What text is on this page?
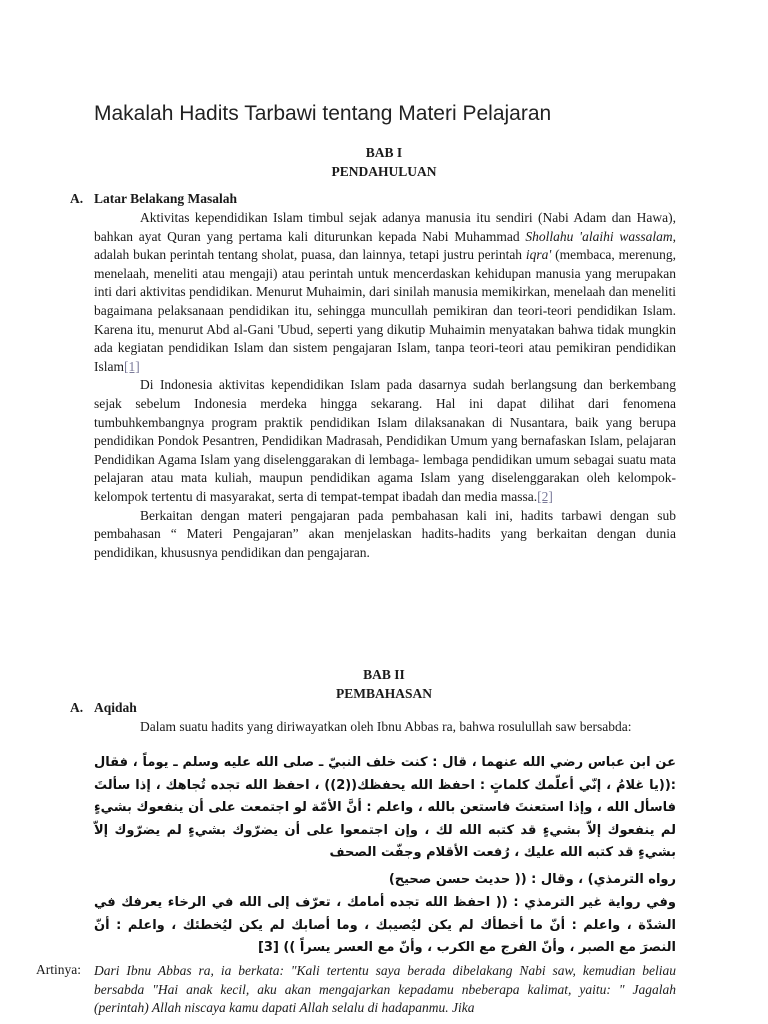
Makalah Hadits Tarbawi tentang Materi Pelajaran
BAB I
PENDAHULUAN
A. Latar Belakang Masalah

Aktivitas kependidikan Islam timbul sejak adanya manusia itu sendiri (Nabi Adam dan Hawa), bahkan ayat Quran yang pertama kali diturunkan kepada Nabi Muhammad Shollahu 'alaihi wassalam, adalah bukan perintah tentang sholat, puasa, dan lainnya, tetapi justru perintah iqra' (membaca, merenung, menelaah, meneliti atau mengaji) atau perintah untuk mencerdaskan kehidupan manusia yang merupakan inti dari aktivitas pendidikan. Menurut Muhaimin, dari sinilah manusia memikirkan, menelaah dan meneliti bagaimana pelaksanaan pendidikan itu, sehingga muncullah pemikiran dan teori-teori pendidikan Islam. Karena itu, menurut Abd al-Gani 'Ubud, seperti yang dikutip Muhaimin menyatakan bahwa tidak mungkin ada kegiatan pendidikan Islam dan sistem pengajaran Islam, tanpa teori-teori atau pemikiran pendidikan Islam[1]

Di Indonesia aktivitas kependidikan Islam pada dasarnya sudah berlangsung dan berkembang sejak sebelum Indonesia merdeka hingga sekarang. Hal ini dapat dilihat dari fenomena tumbuhkembangnya program praktik pendidikan Islam dilaksanakan di Nusantara, baik yang berupa pendidikan Pondok Pesantren, Pendidikan Madrasah, Pendidikan Umum yang bernafaskan Islam, pelajaran Pendidikan Agama Islam yang diselenggarakan di lembaga- lembaga pendidikan umum sebagai suatu mata pelajaran atau mata kuliah, maupun pendidikan agama Islam yang diselenggarakan oleh kelompok-kelompok tertentu di masyarakat, serta di tempat-tempat ibadah dan media massa.[2]

Berkaitan dengan materi pengajaran pada pembahasan kali ini, hadits tarbawi dengan sub pembahasan “ Materi Pengajaran” akan menjelaskan hadits-hadits yang berkaitan dengan dunia pendidikan, khususnya pendidikan dan pengajaran.

BAB II
PEMBAHASAN
A. Aqidah

Dalam suatu hadits yang diriwayatkan oleh Ibnu Abbas ra, bahwa rosulullah saw bersabda:

عن ابن عباس رضي الله عنهما ، قال : كنت خلف النبيّ ـ صلى الله عليه وسلم ـ يوماً ، فقال :((يا غلامُ ، إنّي أعلّمك كلماتٍ : احفظ الله يحفظك((2)) ، احفظ الله تجده تُجاهك ، إذا سألتَ فاسأل الله ، وإذا استعنتَ فاستعن بالله ، واعلم : أنَّ الأمّة لو اجتمعت على أن ينفعوك بشيءٍ لم ينفعوك إلاّ بشيءٍ قد كتبه الله لك ، وإن اجتمعوا على أن يضرّوك بشيءٍ لم يضرّوك إلاّ بشيءٍ قد كتبه الله عليك ، رُفعت الأقلام وجفّت الصحف
رواه الترمذي) ، وقال : (( حديث حسن صحيح)
وفي رواية غير الترمذي : (( احفظ الله تجده أمامك ، تعرّف إلى الله في الرخاء يعرفك في الشدّة ، واعلم : أنّ ما أخطأك لم يكن ليُصيبك ، وما أصابك لم يكن ليُخطئك ، واعلم : أنّ النصرَ مع الصبر ، وأنّ الفرج مع الكرب ، وأنّ مع العسر يسراً )) [3]
Artinya: Dari Ibnu Abbas ra, ia berkata: "Kali tertentu saya berada dibelakang Nabi saw, kemudian beliau bersabda "Hai anak kecil, aku akan mengajarkan kepadamu nbeberapa kalimat, yaitu: " Jagalah (perintah) Allah niscaya kamu dapati Allah selalu di hadapanmu. Jika
